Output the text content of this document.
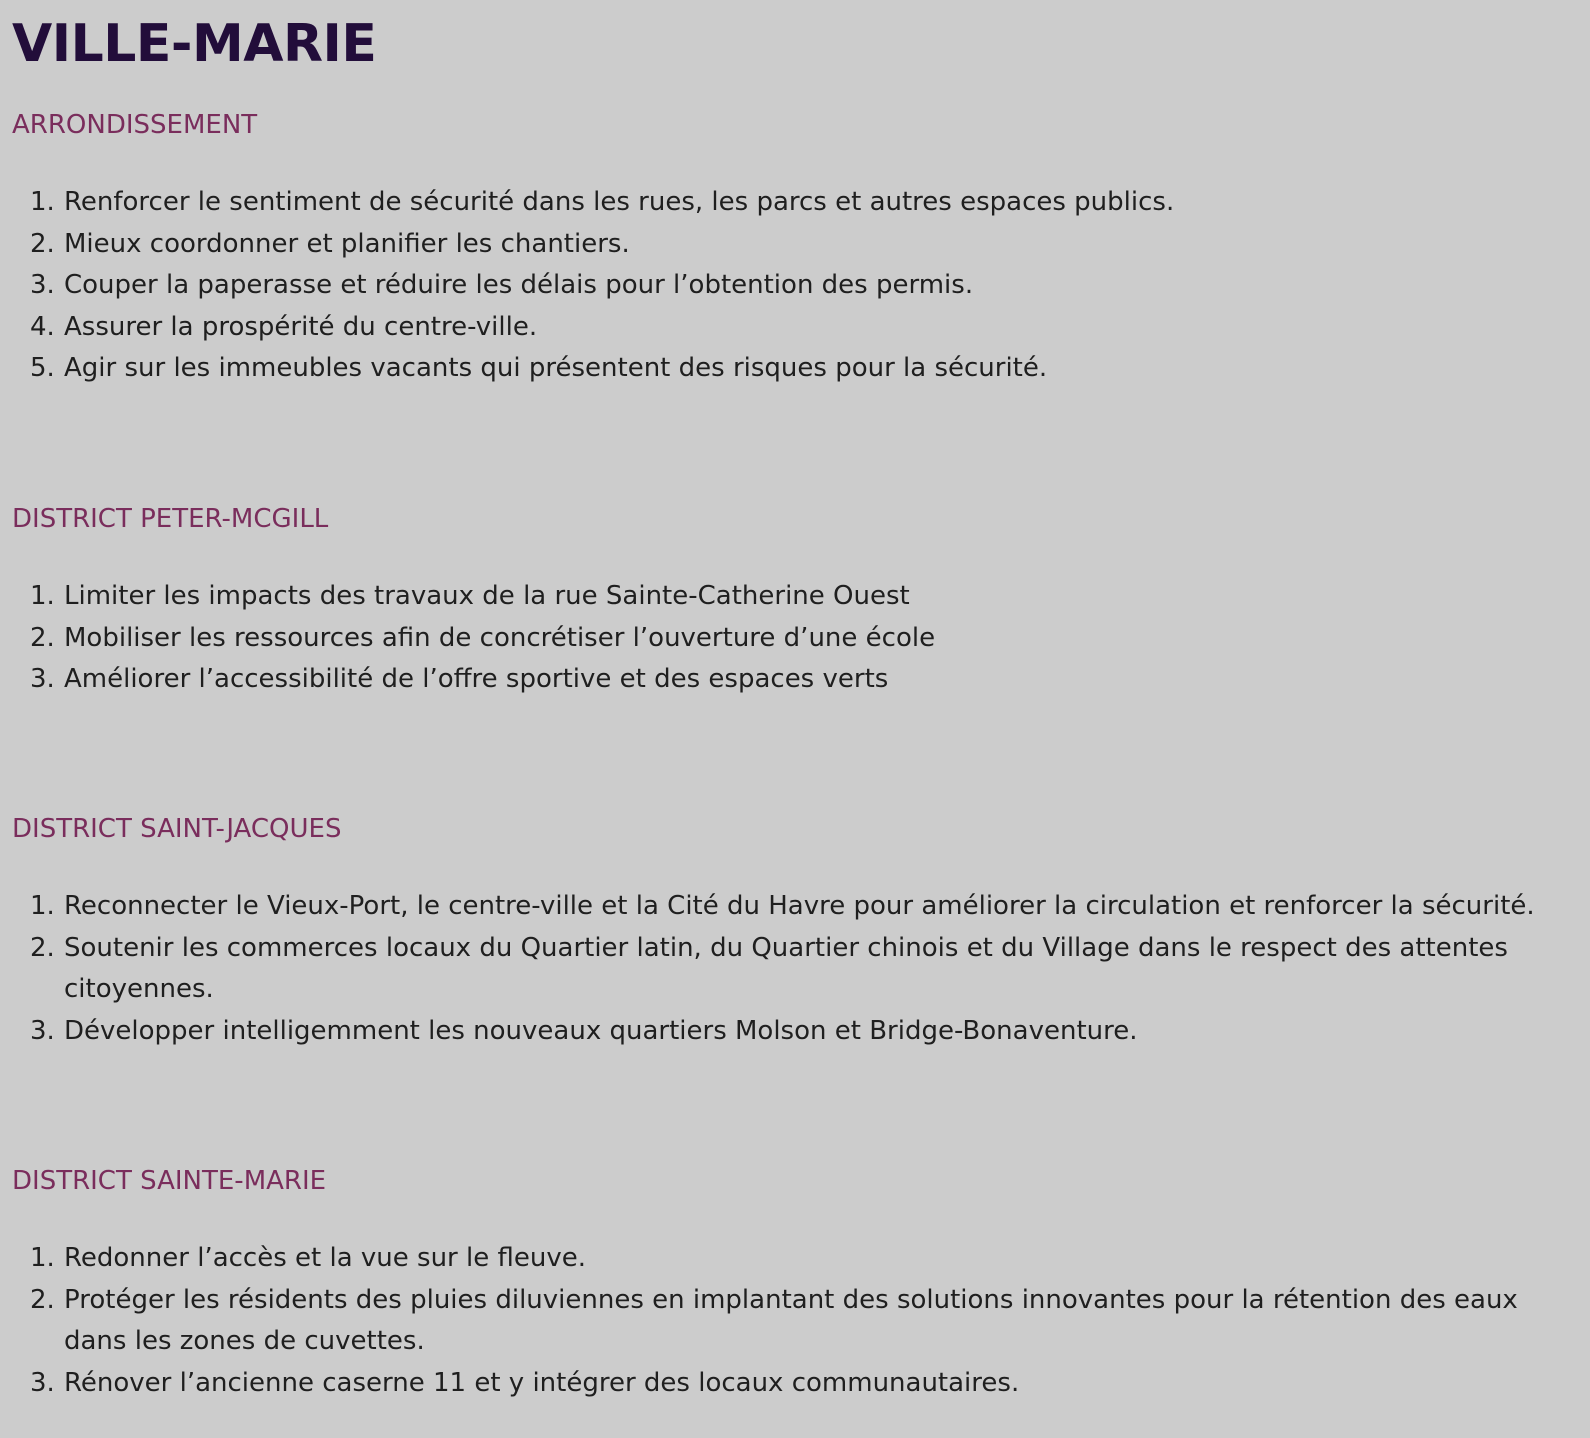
VILLE-MARIE
ARRONDISSEMENT
1. Renforcer le sentiment de sécurité dans les rues, les parcs et autres espaces publics.
2. Mieux coordonner et planifier les chantiers.
3. Couper la paperasse et réduire les délais pour l’obtention des permis.
4. Assurer la prospérité du centre-ville.
5. Agir sur les immeubles vacants qui présentent des risques pour la sécurité.
DISTRICT PETER-MCGILL
1. Limiter les impacts des travaux de la rue Sainte-Catherine Ouest
2. Mobiliser les ressources afin de concrétiser l’ouverture d’une école
3. Améliorer l’accessibilité de l’offre sportive et des espaces verts
DISTRICT SAINT-JACQUES
1. Reconnecter le Vieux-Port, le centre-ville et la Cité du Havre pour améliorer la circulation et renforcer la sécurité.
2. Soutenir les commerces locaux du Quartier latin, du Quartier chinois et du Village dans le respect des attentes citoyennes.
3. Développer intelligemment les nouveaux quartiers Molson et Bridge-Bonaventure.
DISTRICT SAINTE-MARIE
1. Redonner l’accès et la vue sur le fleuve.
2. Protéger les résidents des pluies diluviennes en implantant des solutions innovantes pour la rétention des eaux dans les zones de cuvettes.
3. Rénover l’ancienne caserne 11 et y intégrer des locaux communautaires.
